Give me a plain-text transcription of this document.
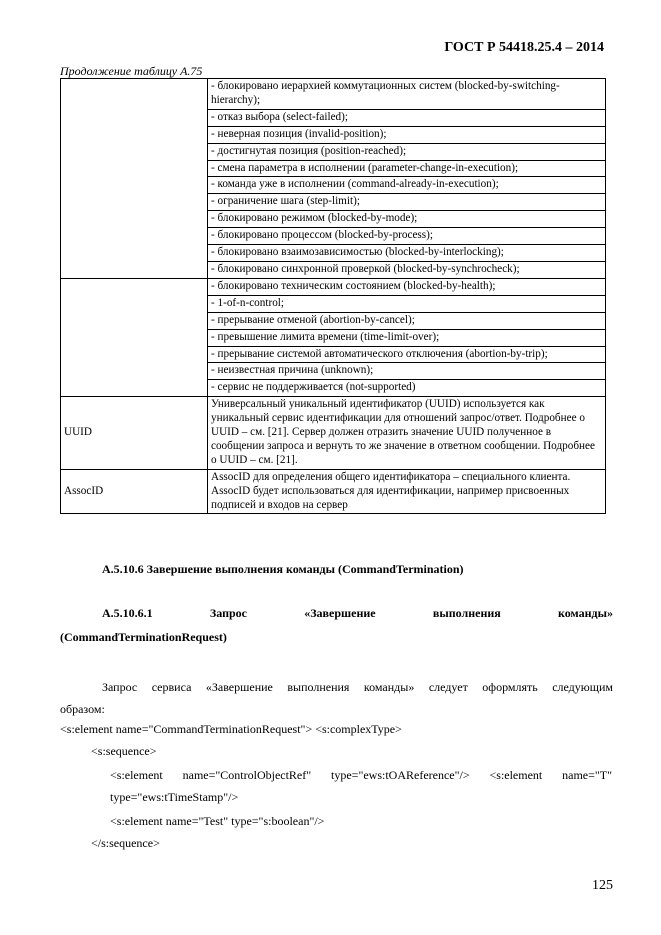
ГОСТ Р 54418.25.4 – 2014
Продолжение таблицу А.75
	- блокировано иерархией коммутационных систем (blocked-by-switching-hierarchy);
	- отказ выбора (select-failed);
	- неверная позиция (invalid-position);
	- достигнутая позиция (position-reached);
	- смена параметра в исполнении (parameter-change-in-execution);
	- команда уже в исполнении (command-already-in-execution);
	- ограничение шага (step-limit);
	- блокировано режимом (blocked-by-mode);
	- блокировано процессом (blocked-by-process);
	- блокировано взаимозависимостью (blocked-by-interlocking);
	- блокировано синхронной проверкой (blocked-by-synchrocheck);
	- блокировано техническим состоянием (blocked-by-health);
	- 1-of-n-control;
	- прерывание отменой (abortion-by-cancel);
	- превышение лимита времени (time-limit-over);
	- прерывание системой автоматического отключения (abortion-by-trip);
	- неизвестная причина (unknown);
	- сервис не поддерживается (not-supported)
UUID	Универсальный уникальный идентификатор (UUID) используется как уникальный сервис идентификации для отношений запрос/ответ. Подробнее о UUID – см. [21]. Сервер должен отразить значение UUID полученное в сообщении запроса и вернуть то же значение в ответном сообщении. Подробнее о UUID – см. [21].
AssocID	AssocID для определения общего идентификатора – специального клиента. AssocID будет использоваться для идентификации, например присвоенных подписей и входов на сервер
А.5.10.6 Завершение выполнения команды (CommandTermination)
А.5.10.6.1	Запрос	«Завершение	выполнения	команды»
(CommandTerminationRequest)
Запрос сервиса «Завершение выполнения команды» следует оформлять следующим
образом:
<s:element name="CommandTerminationRequest"> <s:complexType>
<s:sequence>
<s:element name="ControlObjectRef" type="ews:tOAReference"/> <s:element name="T"
type="ews:tTimeStamp"/>
<s:element name="Test" type="s:boolean"/>
</s:sequence>
125
